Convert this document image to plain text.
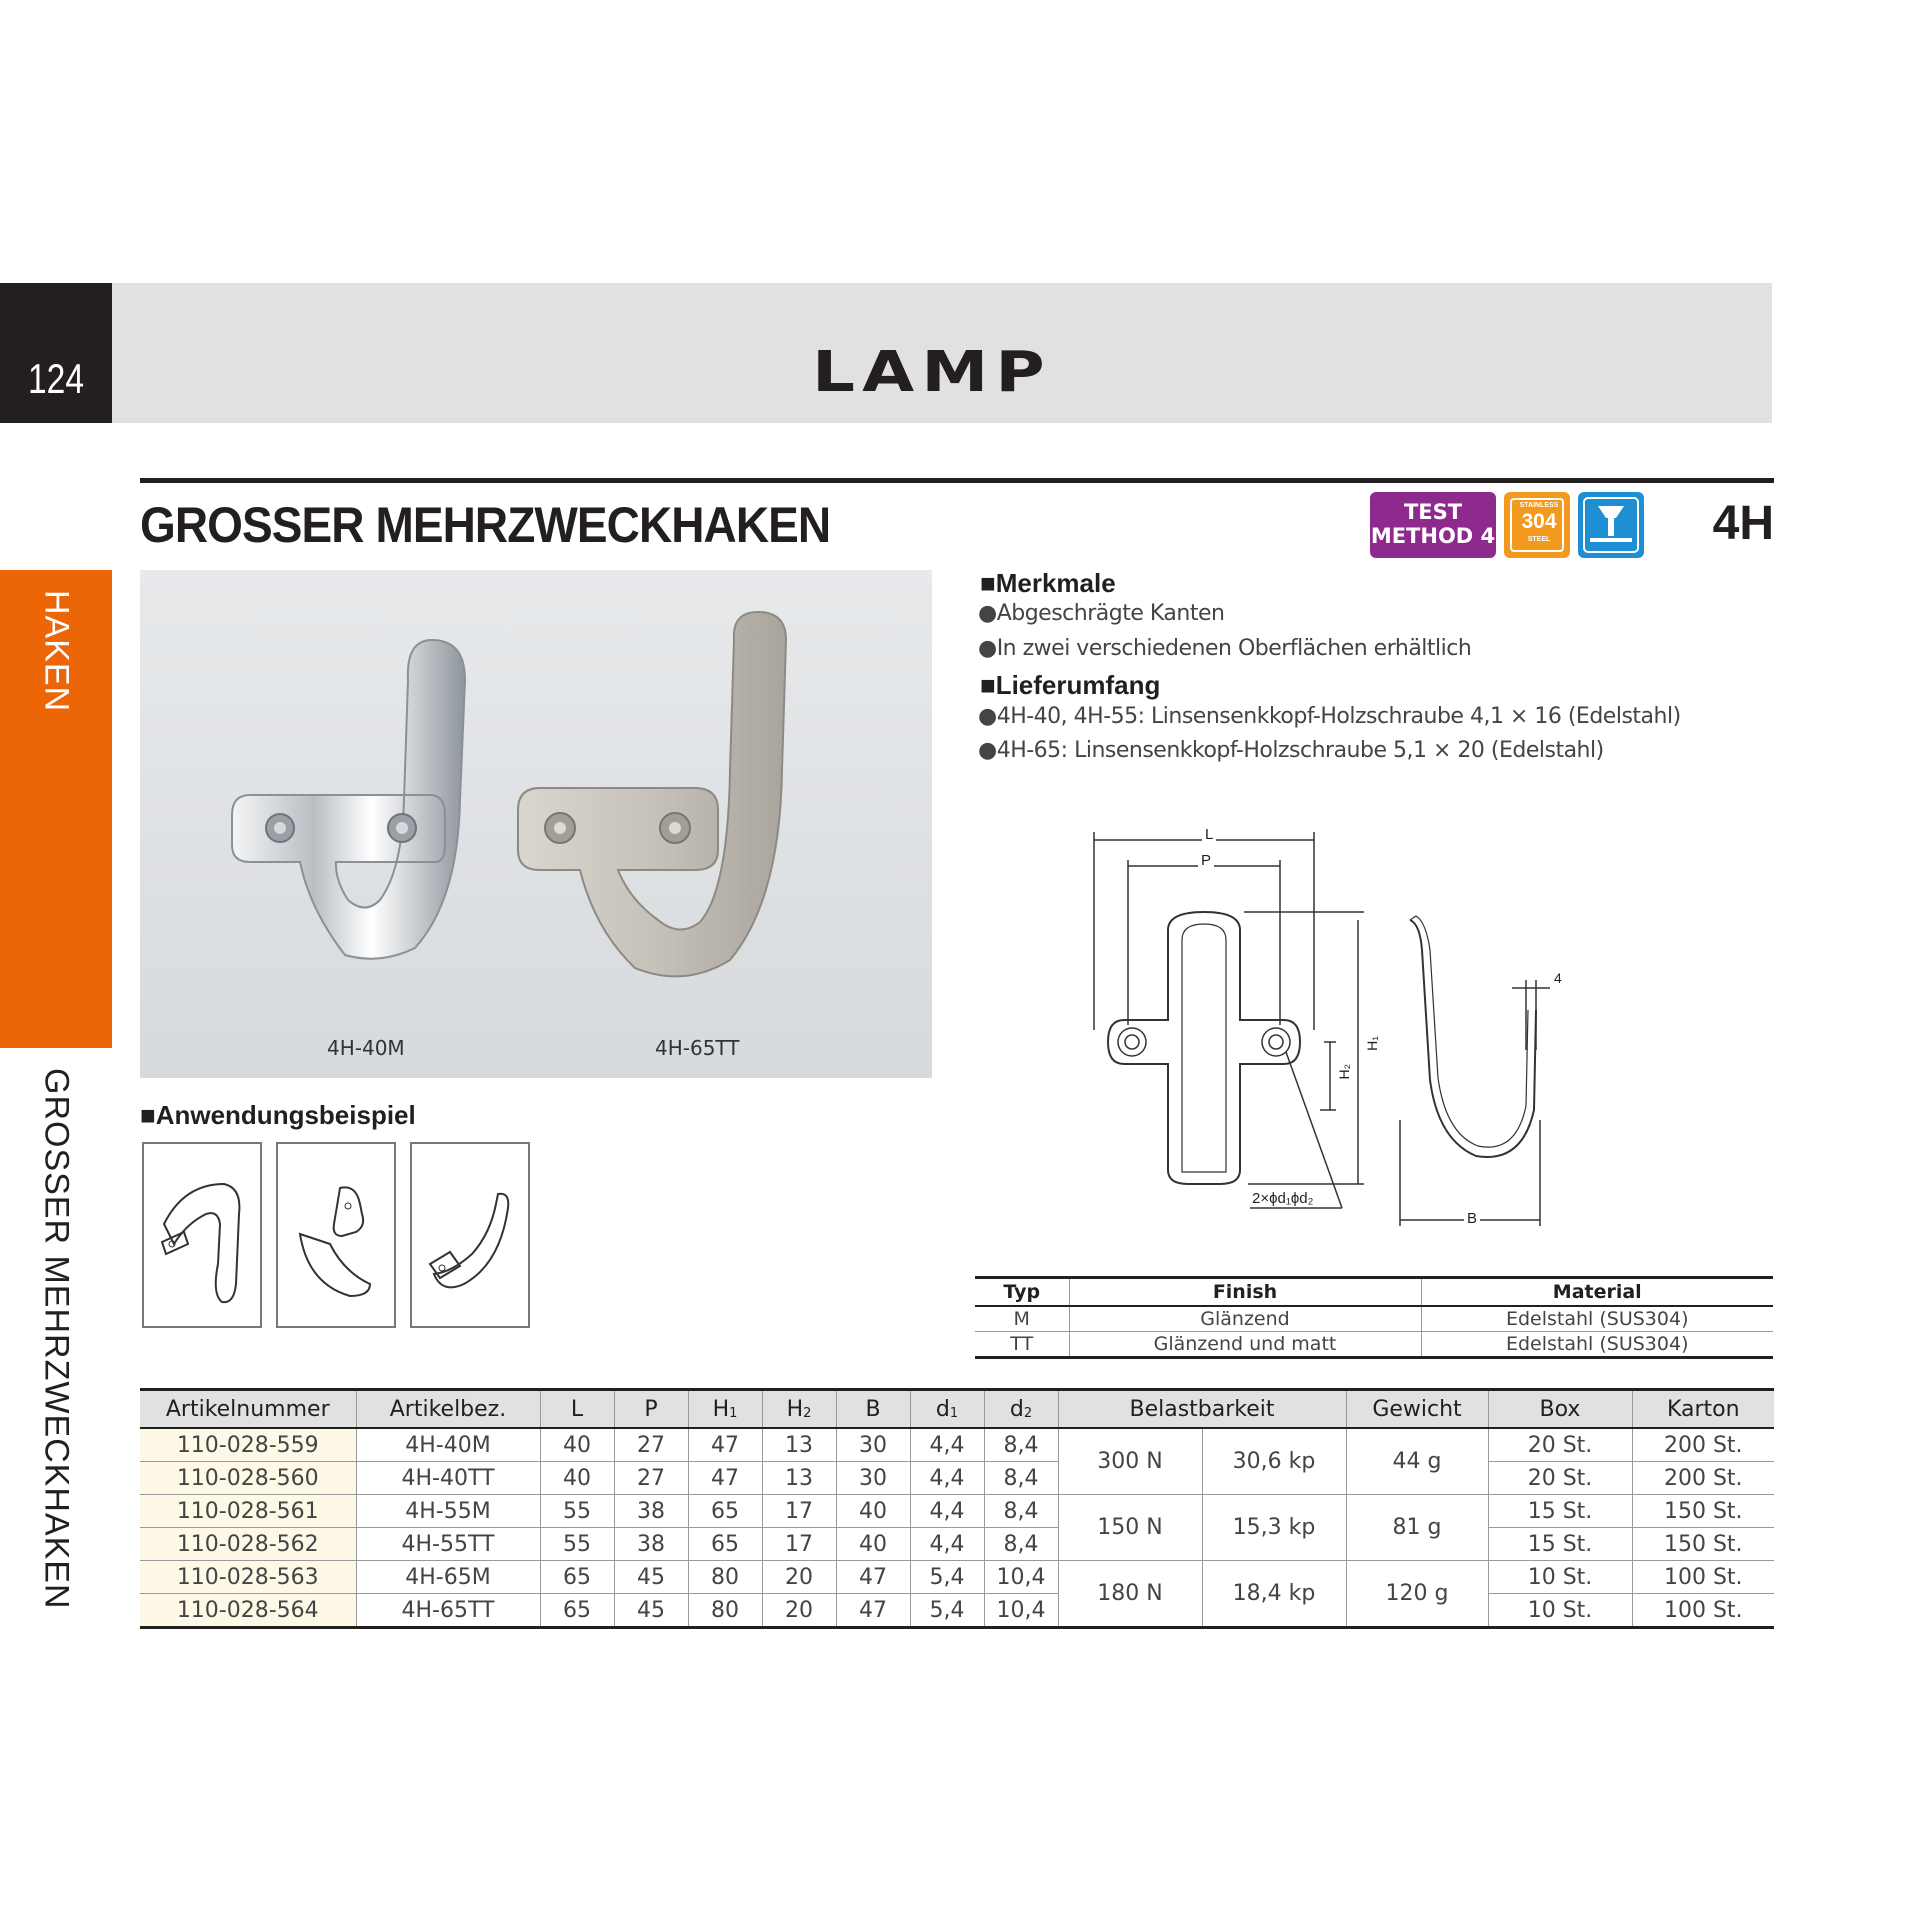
124	LAMP
GROSSER MEHRZWECKHAKEN	4H
TEST
METHOD 4
STAINLESS
304
STEEL
HAKEN
GROSSER MEHRZWECKHAKEN
4H-40M	4H-65TT
■Anwendungsbeispiel
■Merkmale
●Abgeschrägte Kanten
●In zwei verschiedenen Oberflächen erhältlich
■Lieferumfang
●4H-40, 4H-55: Linsensenkkopf-Holzschraube 4,1 × 16 (Edelstahl)
●4H-65: Linsensenkkopf-Holzschraube 5,1 × 20 (Edelstahl)
L
P
H₁
H₂
B
4
2×ϕd₁ϕd₂
Typ	Finish	Material
M	Glänzend	Edelstahl (SUS304)
TT	Glänzend und matt	Edelstahl (SUS304)
Artikelnummer	Artikelbez.	L	P	$H_1$	$H_2$	B	$d_1$	$d_2$	Belastbarkeit		Gewicht	Box	Karton
110-028-559	4H-40M	40	27	47	13	30	4,4	8,4	300 N	30,6 kp	44 g	20 St.	200 St.
110-028-560	4H-40TT	40	27	47	13	30	4,4	8,4				20 St.	200 St.
110-028-561	4H-55M	55	38	65	17	40	4,4	8,4	150 N	15,3 kp	81 g	15 St.	150 St.
110-028-562	4H-55TT	55	38	65	17	40	4,4	8,4				15 St.	150 St.
110-028-563	4H-65M	65	45	80	20	47	5,4	10,4	180 N	18,4 kp	120 g	10 St.	100 St.
110-028-564	4H-65TT	65	45	80	20	47	5,4	10,4				10 St.	100 St.
